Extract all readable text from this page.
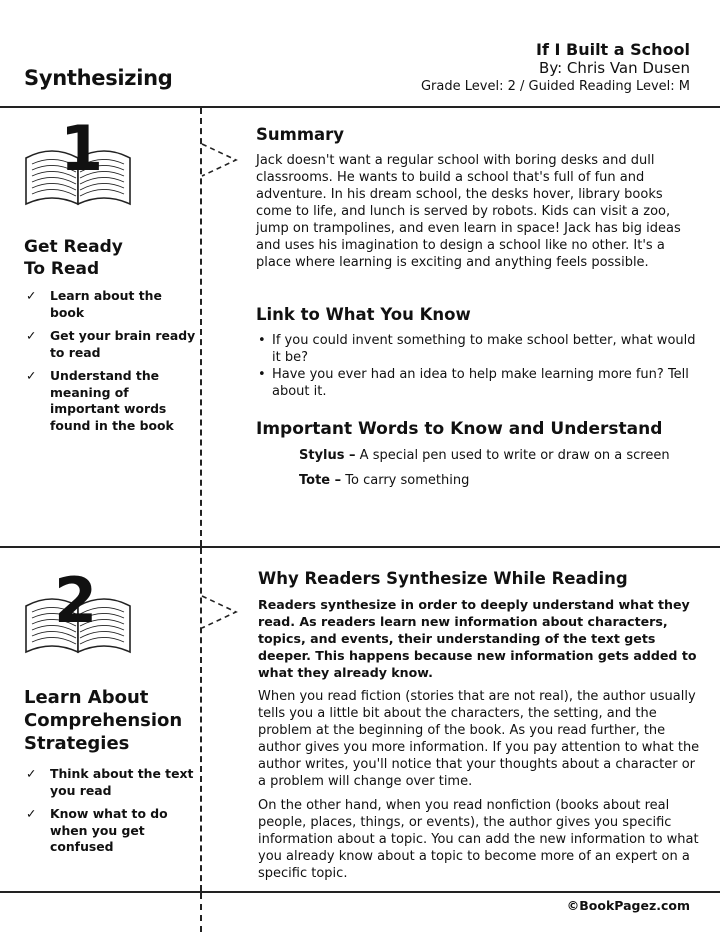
Synthesizing
If I Built a School
By: Chris Van Dusen
Grade Level: 2 / Guided Reading Level: M
1
Get Ready
To Read
✓ Learn about the book
✓ Get your brain ready to read
✓ Understand the meaning of important words found in the book
Summary
Jack doesn't want a regular school with boring desks and dull classrooms. He wants to build a school that's full of fun and adventure. In his dream school, the desks hover, library books come to life, and lunch is served by robots. Kids can visit a zoo, jump on trampolines, and even learn in space! Jack has big ideas and uses his imagination to design a school like no other. It's a place where learning is exciting and anything feels possible.
Link to What You Know
• If you could invent something to make school better, what would it be?
• Have you ever had an idea to help make learning more fun? Tell about it.
Important Words to Know and Understand
Stylus – A special pen used to write or draw on a screen
Tote – To carry something
2
Learn About
Comprehension
Strategies
✓ Think about the text you read
✓ Know what to do when you get confused
Why Readers Synthesize While Reading
Readers synthesize in order to deeply understand what they read. As readers learn new information about characters, topics, and events, their understanding of the text gets deeper. This happens because new information gets added to what they already know.
When you read fiction (stories that are not real), the author usually tells you a little bit about the characters, the setting, and the problem at the beginning of the book. As you read further, the author gives you more information. If you pay attention to what the author writes, you'll notice that your thoughts about a character or a problem will change over time.
On the other hand, when you read nonfiction (books about real people, places, things, or events), the author gives you specific information about a topic. You can add the new information to what you already know about a topic to become more of an expert on a specific topic.
©BookPagez.com
